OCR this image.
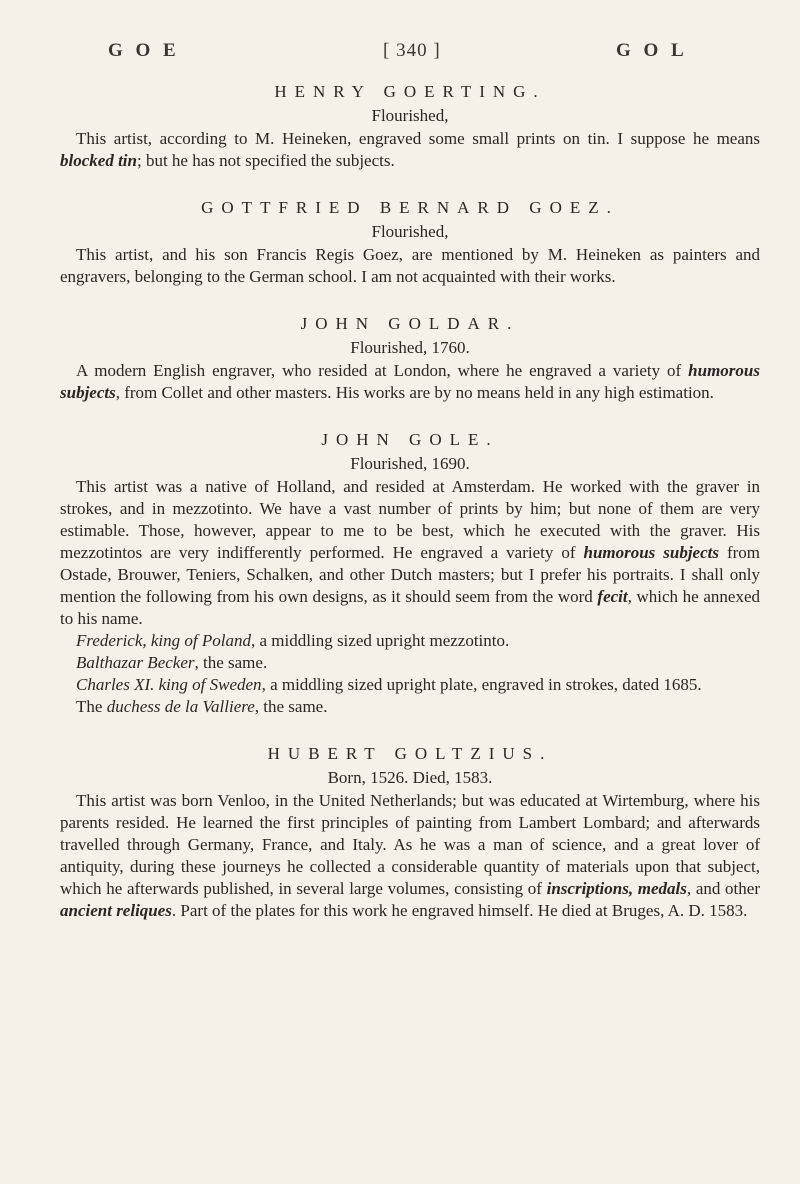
G O E	[ 340 ]	G O L

HENRY GOERTING.

Flourished,

This artist, according to M. Heineken, engraved some small prints on tin. I suppose he means blocked tin; but he has not specified the subjects.

GOTTFRIED BERNARD GOEZ.

Flourished,

This artist, and his son Francis Regis Goez, are mentioned by M. Heineken as painters and engravers, belonging to the German school. I am not acquainted with their works.

JOHN GOLDAR.

Flourished, 1760.

A modern English engraver, who resided at London, where he engraved a variety of humorous subjects, from Collet and other masters. His works are by no means held in any high estimation.

JOHN GOLE.

Flourished, 1690.

This artist was a native of Holland, and resided at Amsterdam. He worked with the graver in strokes, and in mezzotinto. We have a vast number of prints by him; but none of them are very estimable. Those, however, appear to me to be best, which he executed with the graver. His mezzotintos are very indifferently performed. He engraved a variety of humorous subjects from Ostade, Brouwer, Teniers, Schalken, and other Dutch masters; but I prefer his portraits. I shall only mention the following from his own designs, as it should seem from the word fecit, which he annexed to his name.

Frederick, king of Poland, a middling sized upright mezzotinto.

Balthazar Becker, the same.

Charles XI. king of Sweden, a middling sized upright plate, engraved in strokes, dated 1685.

The duchess de la Valliere, the same.

HUBERT GOLTZIUS.

Born, 1526. Died, 1583.

This artist was born Venloo, in the United Netherlands; but was educated at Wirtemburg, where his parents resided. He learned the first principles of painting from Lambert Lombard; and afterwards travelled through Germany, France, and Italy. As he was a man of science, and a great lover of antiquity, during these journeys he collected a considerable quantity of materials upon that subject, which he afterwards published, in several large volumes, consisting of inscriptions, medals, and other ancient reliques. Part of the plates for this work he engraved himself. He died at Bruges, A. D. 1583.
